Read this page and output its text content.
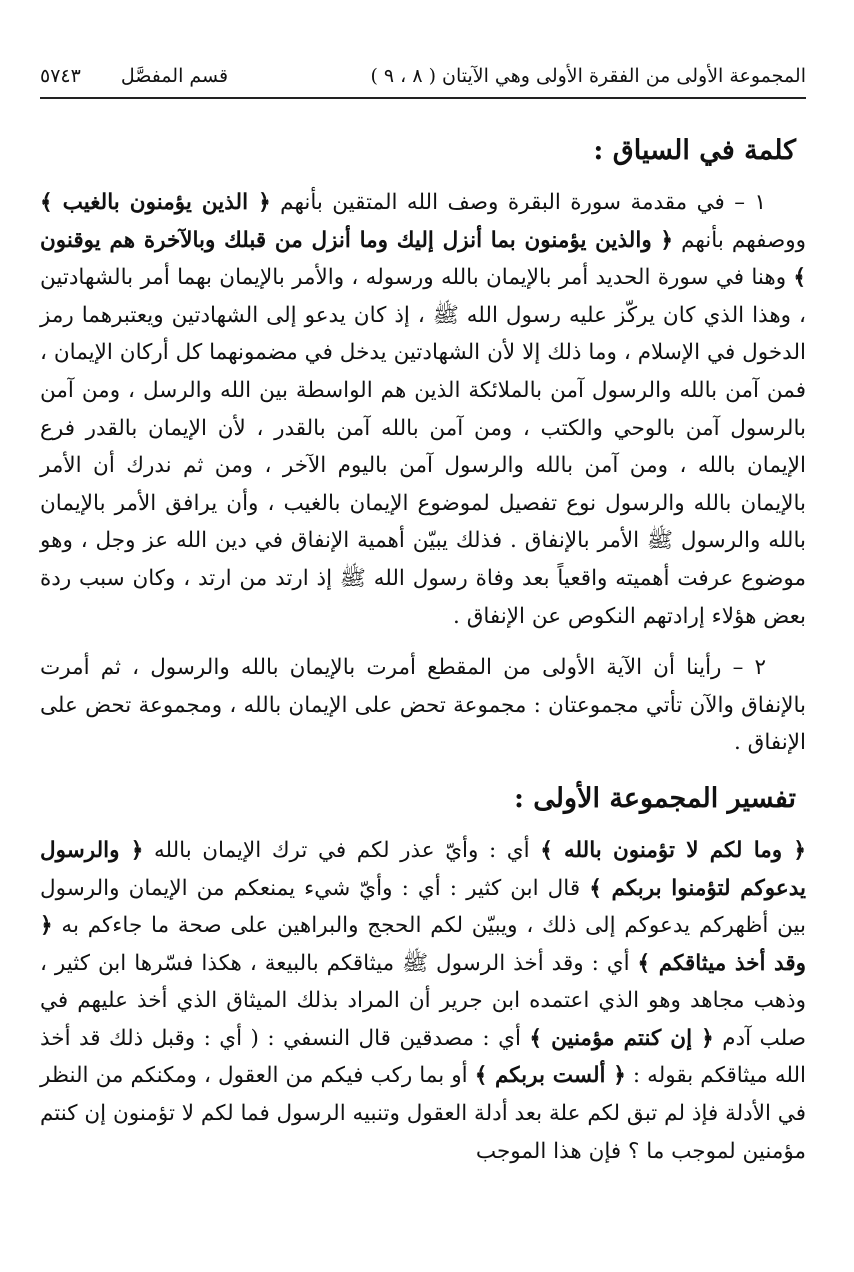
المجموعة الأولى من الفقرة الأولى وهي الآيتان
( ٨ ، ٩ )
قسم المفصَّل
٥٧٤٣
كلمة في السياق :

١ – في مقدمة سورة البقرة وصف الله المتقين بأنهم ﴿ الذين يؤمنون بالغيب ﴾ ووصفهم بأنهم ﴿ والذين يؤمنون بما أنزل إليك وما أنزل من قبلك وبالآخرة هم يوقنون ﴾ وهنا في سورة الحديد أمر بالإيمان بالله ورسوله ، والأمر بالإيمان بهما أمر بالشهادتين ، وهذا الذي كان يركّز عليه رسول الله ﷺ ، إذ كان يدعو إلى الشهادتين ويعتبرهما رمز الدخول في الإسلام ، وما ذلك إلا لأن الشهادتين يدخل في مضمونهما كل أركان الإيمان ، فمن آمن بالله والرسول آمن بالملائكة الذين هم الواسطة بين الله والرسل ، ومن آمن بالرسول آمن بالوحي والكتب ، ومن آمن بالله آمن بالقدر ، لأن الإيمان بالقدر فرع الإيمان بالله ، ومن آمن بالله والرسول آمن باليوم الآخر ، ومن ثم ندرك أن الأمر بالإيمان بالله والرسول نوع تفصيل لموضوع الإيمان بالغيب ، وأن يرافق الأمر بالإيمان بالله والرسول ﷺ الأمر بالإنفاق . فذلك يبيّن أهمية الإنفاق في دين الله عز وجل ، وهو موضوع عرفت أهميته واقعياً بعد وفاة رسول الله ﷺ إذ ارتد من ارتد ، وكان سبب ردة بعض هؤلاء إرادتهم النكوص عن الإنفاق .

٢ – رأينا أن الآية الأولى من المقطع أمرت بالإيمان بالله والرسول ، ثم أمرت بالإنفاق والآن تأتي مجموعتان : مجموعة تحض على الإيمان بالله ، ومجموعة تحض على الإنفاق .

تفسير المجموعة الأولى :

﴿ وما لكم لا تؤمنون بالله ﴾ أي : وأيّ عذر لكم في ترك الإيمان بالله ﴿ والرسول يدعوكم لتؤمنوا بربكم ﴾ قال ابن كثير : أي : وأيّ شيء يمنعكم من الإيمان والرسول بين أظهركم يدعوكم إلى ذلك ، ويبيّن لكم الحجج والبراهين على صحة ما جاءكم به ﴿ وقد أخذ ميثاقكم ﴾ أي : وقد أخذ الرسول ﷺ ميثاقكم بالبيعة ، هكذا فسّرها ابن كثير ، وذهب مجاهد وهو الذي اعتمده ابن جرير أن المراد بذلك الميثاق الذي أخذ عليهم في صلب آدم ﴿ إن كنتم مؤمنين ﴾ أي : مصدقين قال النسفي : ( أي : وقبل ذلك قد أخذ الله ميثاقكم بقوله : ﴿ ألست بربكم ﴾ أو بما ركب فيكم من العقول ، ومكنكم من النظر في الأدلة فإذ لم تبق لكم علة بعد أدلة العقول وتنبيه الرسول فما لكم لا تؤمنون إن كنتم مؤمنين لموجب ما ؟ فإن هذا الموجب
